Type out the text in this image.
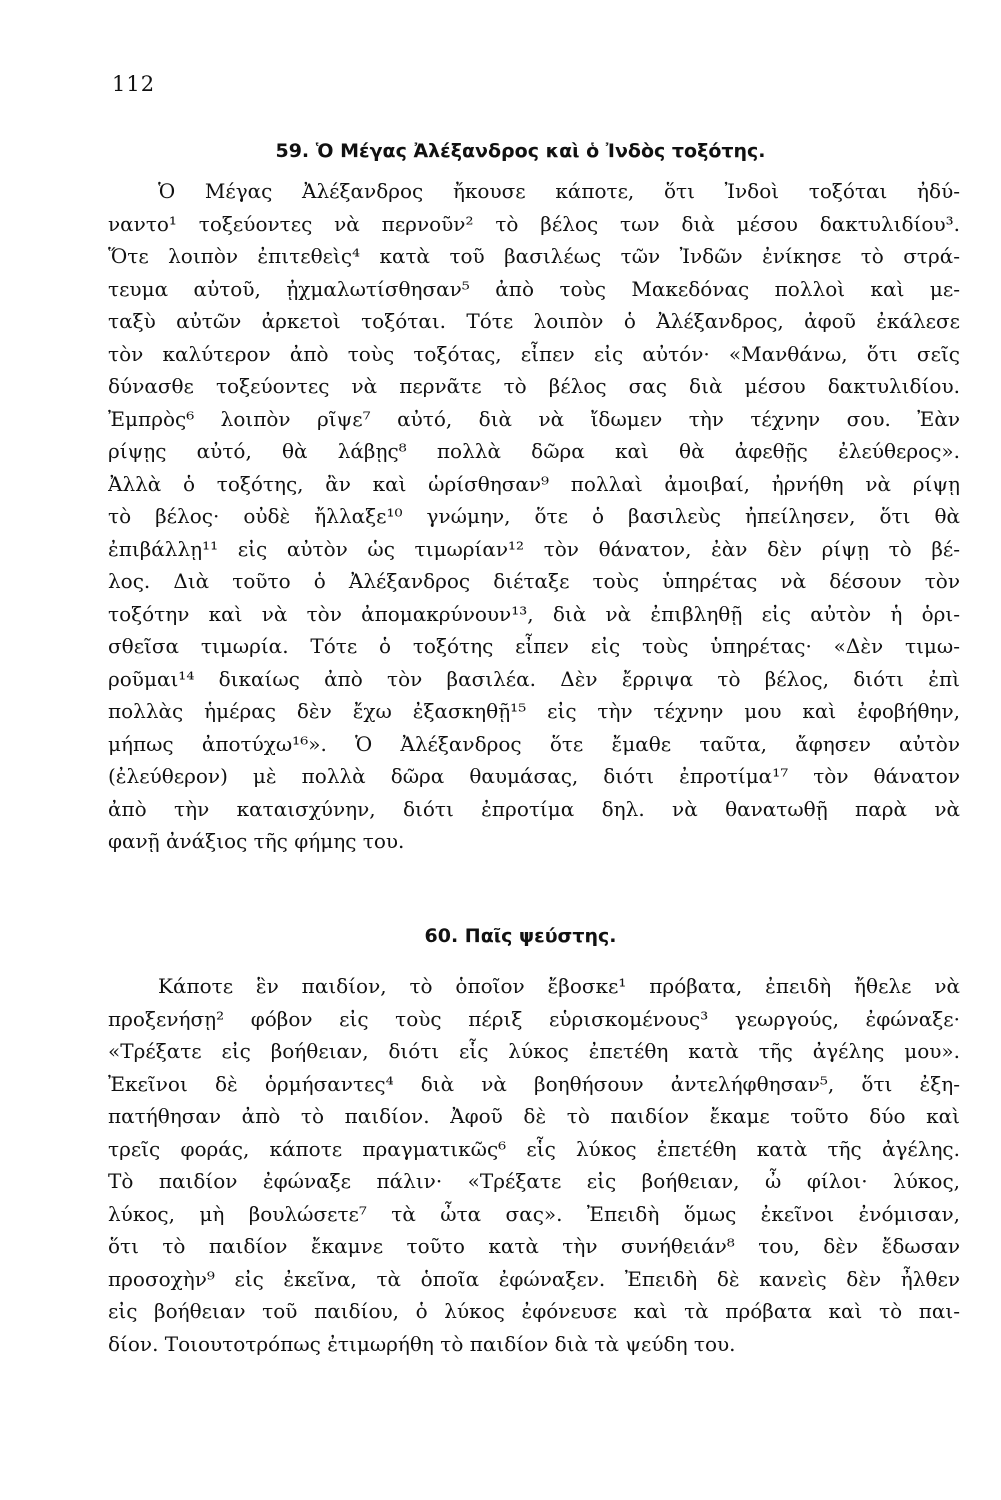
112
59. Ὁ Μέγας Ἀλέξανδρος καὶ ὁ Ἰνδὸς τοξότης.
Ὁ Μέγας Ἀλέξανδρος ἤκουσε κάποτε, ὅτι Ἰνδοὶ τοξόται ἠδύ-
ναντο¹ τοξεύοντες νὰ περνοῦν² τὸ βέλος των διὰ μέσου δακτυλιδίου³.
Ὅτε λοιπὸν ἐπιτεθεὶς⁴ κατὰ τοῦ βασιλέως τῶν Ἰνδῶν ἐνίκησε τὸ στρά-
τευμα αὐτοῦ, ᾐχμαλωτίσθησαν⁵ ἀπὸ τοὺς Μακεδόνας πολλοὶ καὶ με-
ταξὺ αὐτῶν ἀρκετοὶ τοξόται. Τότε λοιπὸν ὁ Ἀλέξανδρος, ἀφοῦ ἐκάλεσε
τὸν καλύτερον ἀπὸ τοὺς τοξότας, εἶπεν εἰς αὐτόν· «Μανθάνω, ὅτι σεῖς
δύνασθε τοξεύοντες νὰ περνᾶτε τὸ βέλος σας διὰ μέσου δακτυλιδίου.
Ἐμπρὸς⁶ λοιπὸν ρῖψε⁷ αὐτό, διὰ νὰ ἴδωμεν τὴν τέχνην σου. Ἐὰν
ρίψῃς αὐτό, θὰ λάβῃς⁸ πολλὰ δῶρα καὶ θὰ ἀφεθῇς ἐλεύθερος».
Ἀλλὰ ὁ τοξότης, ἂν καὶ ὡρίσθησαν⁹ πολλαὶ ἀμοιβαί, ἠρνήθη νὰ ρίψῃ
τὸ βέλος· οὐδὲ ἤλλαξε¹⁰ γνώμην, ὅτε ὁ βασιλεὺς ἠπείλησεν, ὅτι θὰ
ἐπιβάλλῃ¹¹ εἰς αὐτὸν ὡς τιμωρίαν¹² τὸν θάνατον, ἐὰν δὲν ρίψῃ τὸ βέ-
λος. Διὰ τοῦτο ὁ Ἀλέξανδρος διέταξε τοὺς ὑπηρέτας νὰ δέσουν τὸν
τοξότην καὶ νὰ τὸν ἀπομακρύνουν¹³, διὰ νὰ ἐπιβληθῇ εἰς αὐτὸν ἡ ὁρι-
σθεῖσα τιμωρία. Τότε ὁ τοξότης εἶπεν εἰς τοὺς ὑπηρέτας· «Δὲν τιμω-
ροῦμαι¹⁴ δικαίως ἀπὸ τὸν βασιλέα. Δὲν ἔρριψα τὸ βέλος, διότι ἐπὶ
πολλὰς ἡμέρας δὲν ἔχω ἐξασκηθῇ¹⁵ εἰς τὴν τέχνην μου καὶ ἐφοβήθην,
μήπως ἀποτύχω¹⁶». Ὁ Ἀλέξανδρος ὅτε ἔμαθε ταῦτα, ἄφησεν αὐτὸν
(ἐλεύθερον) μὲ πολλὰ δῶρα θαυμάσας, διότι ἐπροτίμα¹⁷ τὸν θάνατον
ἀπὸ τὴν καταισχύνην, διότι ἐπροτίμα δηλ. νὰ θανατωθῇ παρὰ νὰ
φανῇ ἀνάξιος τῆς φήμης του.
60. Παῖς ψεύστης.
Κάποτε ἓν παιδίον, τὸ ὁποῖον ἔβοσκε¹ πρόβατα, ἐπειδὴ ἤθελε νὰ
προξενήσῃ² φόβον εἰς τοὺς πέριξ εὑρισκομένους³ γεωργούς, ἐφώναξε·
«Τρέξατε εἰς βοήθειαν, διότι εἷς λύκος ἐπετέθη κατὰ τῆς ἀγέλης μου».
Ἐκεῖνοι δὲ ὁρμήσαντες⁴ διὰ νὰ βοηθήσουν ἀντελήφθησαν⁵, ὅτι ἐξη-
πατήθησαν ἀπὸ τὸ παιδίον. Ἀφοῦ δὲ τὸ παιδίον ἔκαμε τοῦτο δύο καὶ
τρεῖς φοράς, κάποτε πραγματικῶς⁶ εἷς λύκος ἐπετέθη κατὰ τῆς ἀγέλης.
Τὸ παιδίον ἐφώναξε πάλιν· «Τρέξατε εἰς βοήθειαν, ὦ φίλοι· λύκος,
λύκος, μὴ βουλώσετε⁷ τὰ ὦτα σας». Ἐπειδὴ ὅμως ἐκεῖνοι ἐνόμισαν,
ὅτι τὸ παιδίον ἔκαμνε τοῦτο κατὰ τὴν συνήθειάν⁸ του, δὲν ἔδωσαν
προσοχὴν⁹ εἰς ἐκεῖνα, τὰ ὁποῖα ἐφώναξεν. Ἐπειδὴ δὲ κανεὶς δὲν ἦλθεν
εἰς βοήθειαν τοῦ παιδίου, ὁ λύκος ἐφόνευσε καὶ τὰ πρόβατα καὶ τὸ παι-
δίον. Τοιουτοτρόπως ἐτιμωρήθη τὸ παιδίον διὰ τὰ ψεύδη του.
